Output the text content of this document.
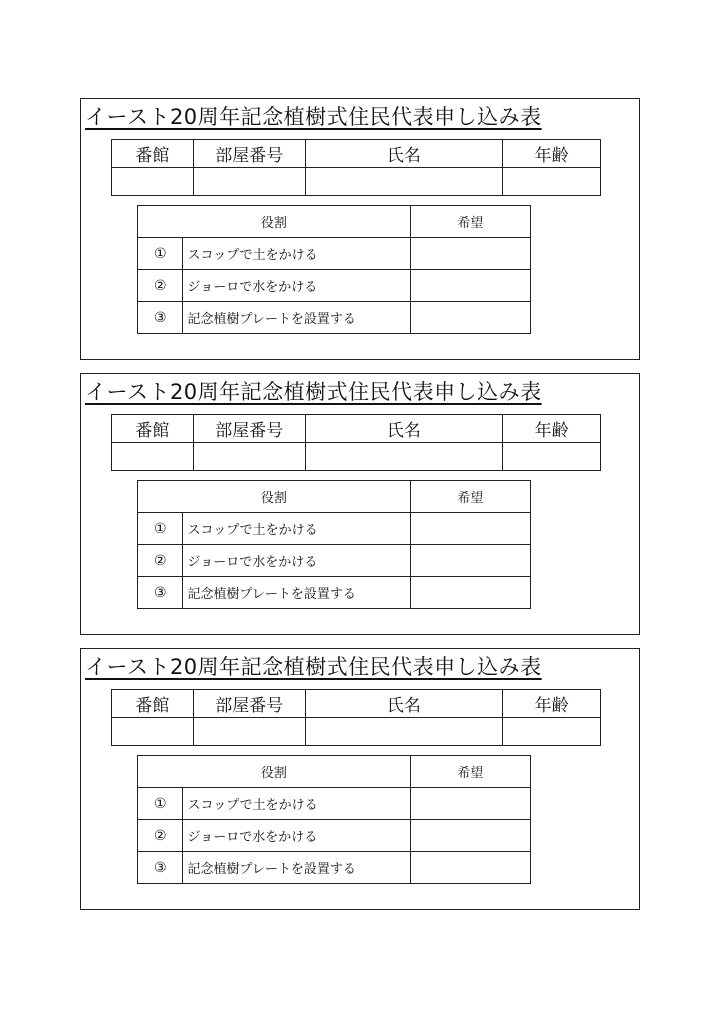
イースト20周年記念植樹式住民代表申し込み表
番館	部屋番号	氏名	年齢

役割		希望
①	スコップで土をかける	
②	ジョーロで水をかける	
③	記念植樹プレートを設置する	
イースト20周年記念植樹式住民代表申し込み表
番館	部屋番号	氏名	年齢

役割		希望
①	スコップで土をかける	
②	ジョーロで水をかける	
③	記念植樹プレートを設置する	
イースト20周年記念植樹式住民代表申し込み表
番館	部屋番号	氏名	年齢

役割		希望
①	スコップで土をかける	
②	ジョーロで水をかける	
③	記念植樹プレートを設置する	
